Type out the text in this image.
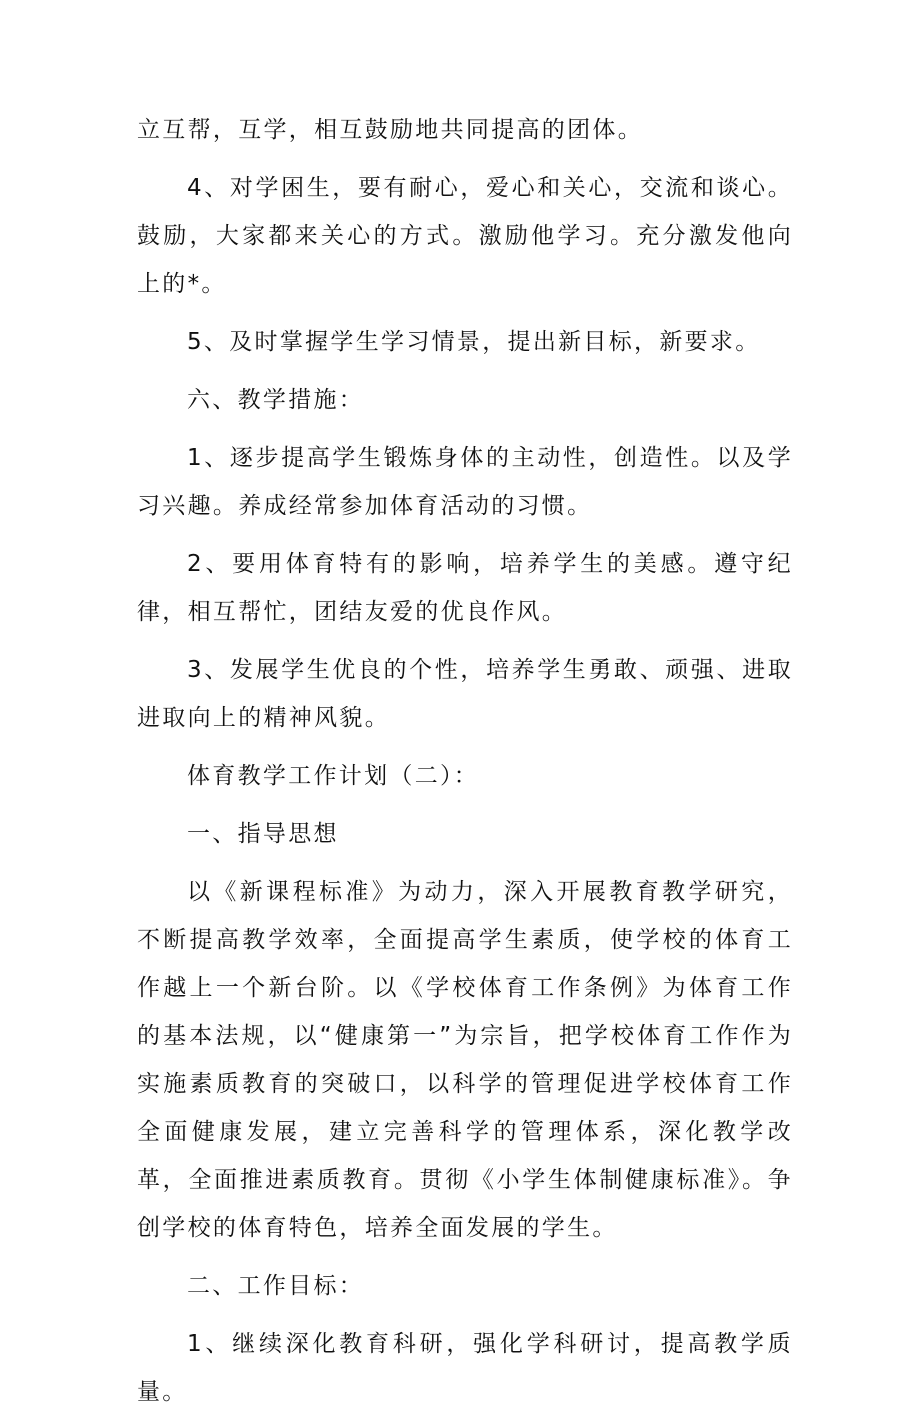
立互帮，互学，相互鼓励地共同提高的团体。

4、对学困生，要有耐心，爱心和关心，交流和谈心。鼓励，大家都来关心的方式。激励他学习。充分激发他向上的*。

5、及时掌握学生学习情景，提出新目标，新要求。

六、教学措施：

1、逐步提高学生锻炼身体的主动性，创造性。以及学习兴趣。养成经常参加体育活动的习惯。

2、要用体育特有的影响，培养学生的美感。遵守纪律，相互帮忙，团结友爱的优良作风。

3、发展学生优良的个性，培养学生勇敢、顽强、进取进取向上的精神风貌。

体育教学工作计划（二）：

一、指导思想

以《新课程标准》为动力，深入开展教育教学研究，不断提高教学效率，全面提高学生素质，使学校的体育工作越上一个新台阶。以《学校体育工作条例》为体育工作的基本法规，以“健康第一”为宗旨，把学校体育工作作为实施素质教育的突破口，以科学的管理促进学校体育工作全面健康发展，建立完善科学的管理体系，深化教学改革，全面推进素质教育。贯彻《小学生体制健康标准》。争创学校的体育特色，培养全面发展的学生。

二、工作目标：

1、继续深化教育科研，强化学科研讨，提高教学质量。
